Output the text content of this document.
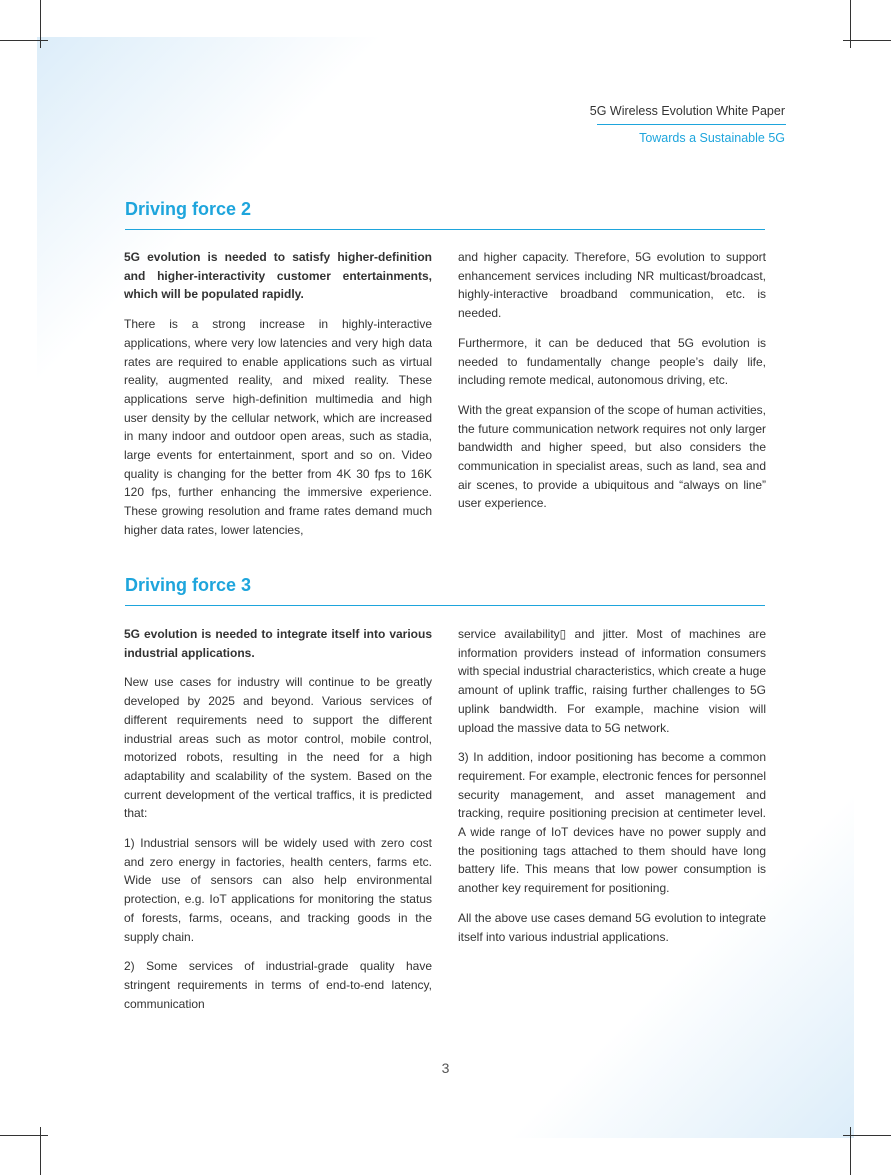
5G Wireless Evolution White Paper
Towards a Sustainable 5G
Driving force 2

5G evolution is needed to satisfy higher-definition and higher-interactivity customer entertainments, which will be populated rapidly.

There is a strong increase in highly-interactive applications, where very low latencies and very high data rates are required to enable applications such as virtual reality, augmented reality, and mixed reality. These applications serve high-definition multimedia and high user density by the cellular network, which are increased in many indoor and outdoor open areas, such as stadia, large events for entertainment, sport and so on. Video quality is changing for the better from 4K 30 fps to 16K 120 fps, further enhancing the immersive experience. These growing resolution and frame rates demand much higher data rates, lower latencies,

and higher capacity. Therefore, 5G evolution to support enhancement services including NR multicast/broadcast, highly-interactive broadband communication, etc. is needed.

Furthermore, it can be deduced that 5G evolution is needed to fundamentally change people’s daily life, including remote medical, autonomous driving, etc.

With the great expansion of the scope of human activities, the future communication network requires not only larger bandwidth and higher speed, but also considers the communication in specialist areas, such as land, sea and air scenes, to provide a ubiquitous and “always on line” user experience.

Driving force 3

5G evolution is needed to integrate itself into various industrial applications.

New use cases for industry will continue to be greatly developed by 2025 and beyond. Various services of different requirements need to support the different industrial areas such as motor control, mobile control, motorized robots, resulting in the need for a high adaptability and scalability of the system. Based on the current development of the vertical traffics, it is predicted that:

1) Industrial sensors will be widely used with zero cost and zero energy in factories, health centers, farms etc. Wide use of sensors can also help environmental protection, e.g. IoT applications for monitoring the status of forests, farms, oceans, and tracking goods in the supply chain.

2) Some services of industrial-grade quality have stringent requirements in terms of end-to-end latency, communication

service availability▯ and jitter. Most of machines are information providers instead of information consumers with special industrial characteristics, which create a huge amount of uplink traffic, raising further challenges to 5G uplink bandwidth. For example, machine vision will upload the massive data to 5G network.

3) In addition, indoor positioning has become a common requirement. For example, electronic fences for personnel security management, and asset management and tracking, require positioning precision at centimeter level. A wide range of IoT devices have no power supply and the positioning tags attached to them should have long battery life. This means that low power consumption is another key requirement for positioning.

All the above use cases demand 5G evolution to integrate itself into various industrial applications.

3
